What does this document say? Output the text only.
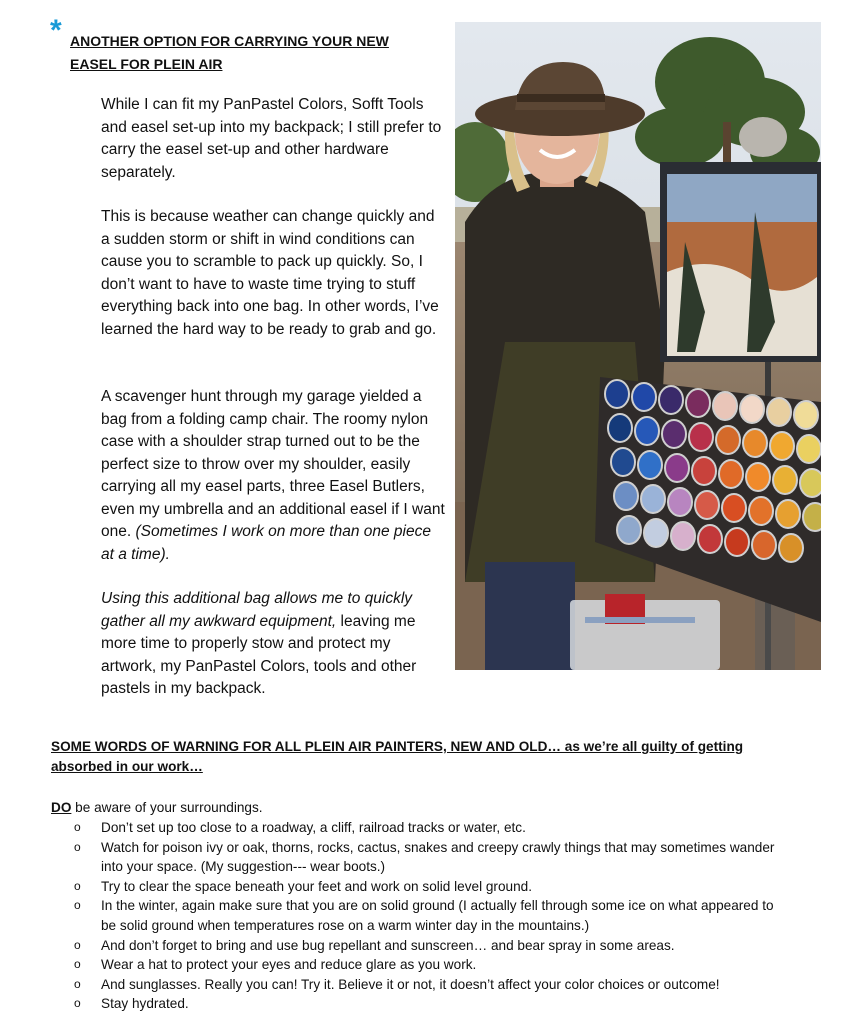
* ANOTHER OPTION FOR CARRYING YOUR NEW
EASEL FOR PLEIN AIR

While I can fit my PanPastel Colors, Sofft Tools and easel set-up into my backpack; I still prefer to carry the easel set-up and other hardware separately.

This is because weather can change quickly and a sudden storm or shift in wind conditions can cause you to scramble to pack up quickly. So, I don’t want to have to waste time trying to stuff everything back into one bag. In other words, I’ve learned the hard way to be ready to grab and go.

A scavenger hunt through my garage yielded a bag from a folding camp chair. The roomy nylon case with a shoulder strap turned out to be the perfect size to throw over my shoulder, easily carrying all my easel parts, three Easel Butlers, even my umbrella and an additional easel if I want one. (Sometimes I work on more than one piece at a time).

Using this additional bag allows me to quickly gather all my awkward equipment, leaving me more time to properly stow and protect my artwork, my PanPastel Colors, tools and other pastels in my backpack.

SOME WORDS OF WARNING FOR ALL PLEIN AIR PAINTERS, NEW AND OLD… as we’re all guilty of getting absorbed in our work…
DO be aware of your surroundings.
o Don’t set up too close to a roadway, a cliff, railroad tracks or water, etc.
o Watch for poison ivy or oak, thorns, rocks, cactus, snakes and creepy crawly things that may sometimes wander into your space. (My suggestion--- wear boots.)
o Try to clear the space beneath your feet and work on solid level ground.
o In the winter, again make sure that you are on solid ground (I actually fell through some ice on what appeared to be solid ground when temperatures rose on a warm winter day in the mountains.)
o And don’t forget to bring and use bug repellant and sunscreen… and bear spray in some areas.
o Wear a hat to protect your eyes and reduce glare as you work.
o And sunglasses. Really you can! Try it. Believe it or not, it doesn’t affect your color choices or outcome!
o Stay hydrated.
